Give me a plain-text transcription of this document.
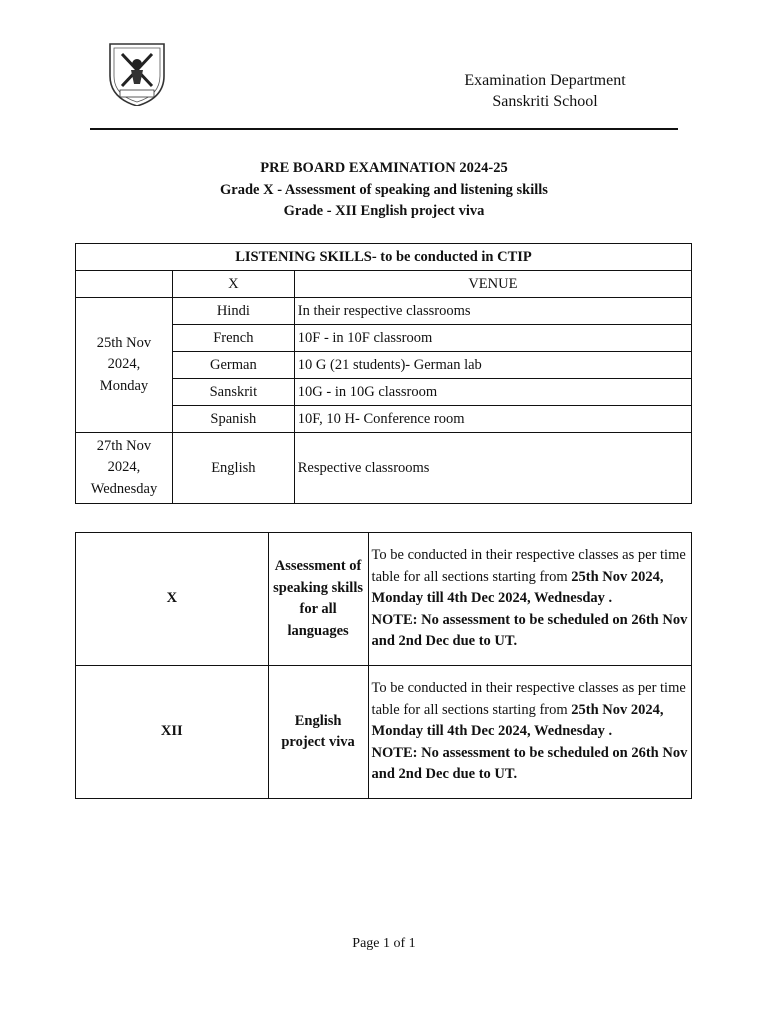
Examination Department
Sanskriti School
PRE BOARD EXAMINATION 2024-25
Grade X - Assessment of speaking and listening skills
Grade - XII English project viva
LISTENING SKILLS- to be conducted in CTIP		
	X	VENUE

25th Nov
2024,
Monday	Hindi	In their respective classrooms
	French	10F - in 10F classroom
	German	10 G (21 students)- German lab
	Sanskrit	10G - in 10G classroom
	Spanish	10F, 10 H- Conference room

27th Nov
2024,
Wednesday	English	Respective classrooms
X	Assessment of speaking skills for all languages	To be conducted in their respective classes as per time table for all sections starting from 25th Nov 2024, Monday till 4th Dec 2024, Wednesday .
NOTE: No assessment to be scheduled on 26th Nov and 2nd Dec due to UT.
XII	English project viva	To be conducted in their respective classes as per time table for all sections starting from 25th Nov 2024, Monday till 4th Dec 2024, Wednesday .
NOTE: No assessment to be scheduled on 26th Nov and 2nd Dec due to UT.
Page 1 of 1
